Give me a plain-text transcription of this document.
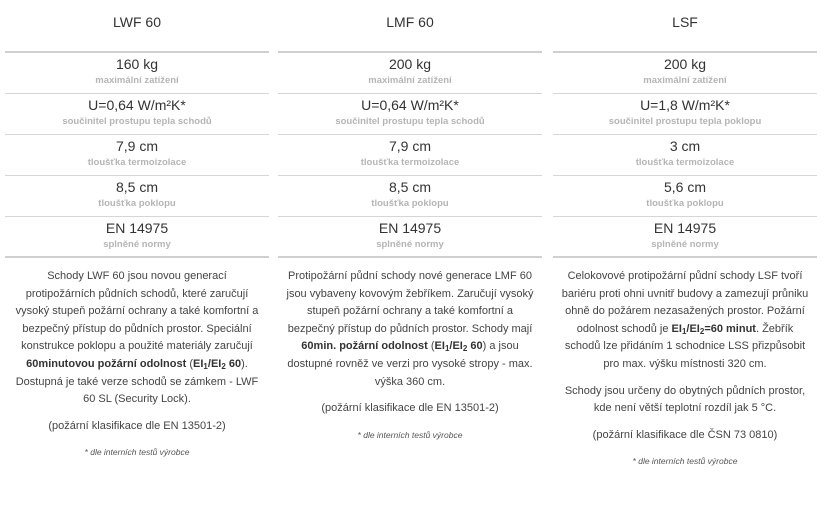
LWF 60
160 kg
maximální zatížení
U=0,64 W/m²K*
součinitel prostupu tepla schodů
7,9 cm
tloušťka termoizolace
8,5 cm
tloušťka poklopu
EN 14975
splněné normy

Schody LWF 60 jsou novou generací protipožárních půdních schodů, které zaručují vysoký stupeň požární ochrany a také komfortní a bezpečný přístup do půdních prostor. Speciální konstrukce poklopu a použité materiály zaručují 60minutovou požární odolnost ($EI_1/EI_2$ 60). Dostupná je také verze schodů se zámkem - LWF 60 SL (Security Lock).

(požární klasifikace dle EN 13501-2)

* dle interních testů výrobce

LMF 60
200 kg
maximální zatížení
U=0,64 W/m²K*
součinitel prostupu tepla schodů
7,9 cm
tloušťka termoizolace
8,5 cm
tloušťka poklopu
EN 14975
splněné normy

Protipožární půdní schody nové generace LMF 60 jsou vybaveny kovovým žebříkem. Zaručují vysoký stupeň požární ochrany a také komfortní a bezpečný přístup do půdních prostor. Schody mají 60min. požární odolnost ($EI_1/EI_2$ 60) a jsou dostupné rovněž ve verzi pro vysoké stropy - max. výška 360 cm.

(požární klasifikace dle EN 13501-2)

* dle interních testů výrobce

LSF
200 kg
maximální zatížení
U=1,8 W/m²K*
součinitel prostupu tepla poklopu
3 cm
tloušťka termoizolace
5,6 cm
tloušťka poklopu
EN 14975
splněné normy

Celokovové protipožární půdní schody LSF tvoří bariéru proti ohni uvnitř budovy a zamezují průniku ohně do požárem nezasažených prostor. Požární odolnost schodů je $EI_1/EI_2=60$ minut. Žebřík schodů lze přidáním 1 schodnice LSS přizpůsobit pro max. výšku místnosti 320 cm.

Schody jsou určeny do obytných půdních prostor, kde není větší teplotní rozdíl jak 5 °C.

(požární klasifikace dle ČSN 73 0810)

* dle interních testů výrobce
